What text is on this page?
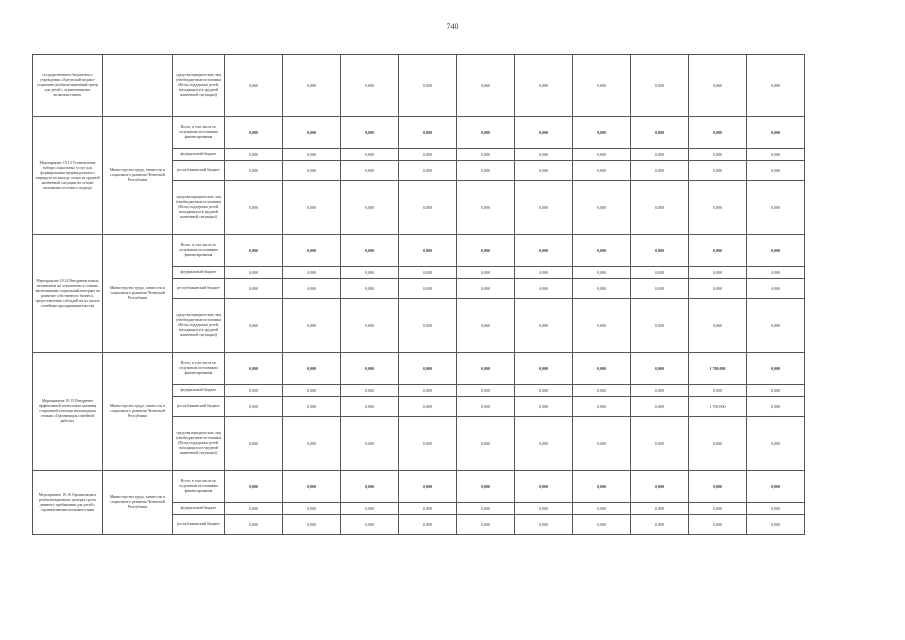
740
государственного бюджетного учреждения «Аргунский медико-социально-реабилитационный центр для детей с ограниченными возможностями»		средства юридических лиц (необюджетные источники (Фонд поддержки детей, находящихся в трудной жизненной ситуации))	0,000	0,000	0,000	0,000	0,000	0,000	0,000	0,000	0,000	0,000
Мероприятие 19.13 Установление набора социальных услуг для формирования индивидуального маршрута по выходу семьи из трудной жизненной ситуации на основе механизма тестового подхода	Министерство труда, занятости и социального развития Чеченской Республики	Всего, в том числе по отдельным источникам финансирования	0,000	0,000	0,000	0,000	0,000	0,000	0,000	0,000	0,000	0,000
		федеральный бюджет	0,000	0,000	0,000	0,000	0,000	0,000	0,000	0,000	0,000	0,000
		республиканский бюджет	0,000	0,000	0,000	0,000	0,000	0,000	0,000	0,000	0,000	0,000
		средства юридических лиц (необюджетные источники (Фонд поддержки детей, находящихся в трудной жизненной ситуации))	0,000	0,000	0,000	0,000	0,000	0,000	0,000	0,000	0,000	0,000
Мероприятие 19.14 Внедрение новых механизмов по отношению к семьям, заключившим социальный контракт на развитие собственного бизнеса, предоставления субсидий на их малые семейные предпринимательства	Министерство труда, занятости и социального развития Чеченской Республики	Всего, в том числе по отдельным источникам финансирования	0,000	0,000	0,000	0,000	0,000	0,000	0,000	0,000	0,000	0,000
		федеральный бюджет	0,000	0,000	0,000	0,000	0,000	0,000	0,000	0,000	0,000	0,000
		республиканский бюджет	0,000	0,000	0,000	0,000	0,000	0,000	0,000	0,000	0,000	0,000
		средства юридических лиц (необюджетные источники (Фонд поддержки детей, находящихся в трудной жизненной ситуации))	0,000	0,000	0,000	0,000	0,000	0,000	0,000	0,000	0,000	0,000
Мероприятие 19.15 Внедрение эффективной технологии оказания социальной помощи малоимущим семьям «Организация семейной работы»	Министерство труда, занятости и социального развития Чеченской Республики	Всего, в том числе по отдельным источникам финансирования	0,000	0,000	0,000	0,000	0,000	0,000	0,000	0,000	1 700,000	0,000
		федеральный бюджет	0,000	0,000	0,000	0,000	0,000	0,000	0,000	0,000	0,000	0,000
		республиканский бюджет	0,000	0,000	0,000	0,000	0,000	0,000	0,000	0,000	1 700,000	0,000
		средства юридических лиц (необюджетные источники (Фонд поддержки детей, находящихся в трудной жизненной ситуации))	0,000	0,000	0,000	0,000	0,000	0,000	0,000	0,000	0,000	0,000
Мероприятие 19.16 Организация в реабилитационных центрах групп дневного пребывания для детей с ограниченными возможностями	Министерство труда, занятости и социального развития Чеченской Республики	Всего, в том числе по отдельным источникам финансирования	0,000	0,000	0,000	0,000	0,000	0,000	0,000	0,000	0,000	0,000
		федеральный бюджет	0,000	0,000	0,000	0,000	0,000	0,000	0,000	0,000	0,000	0,000
		республиканский бюджет	0,000	0,000	0,000	0,000	0,000	0,000	0,000	0,000	0,000	0,000
